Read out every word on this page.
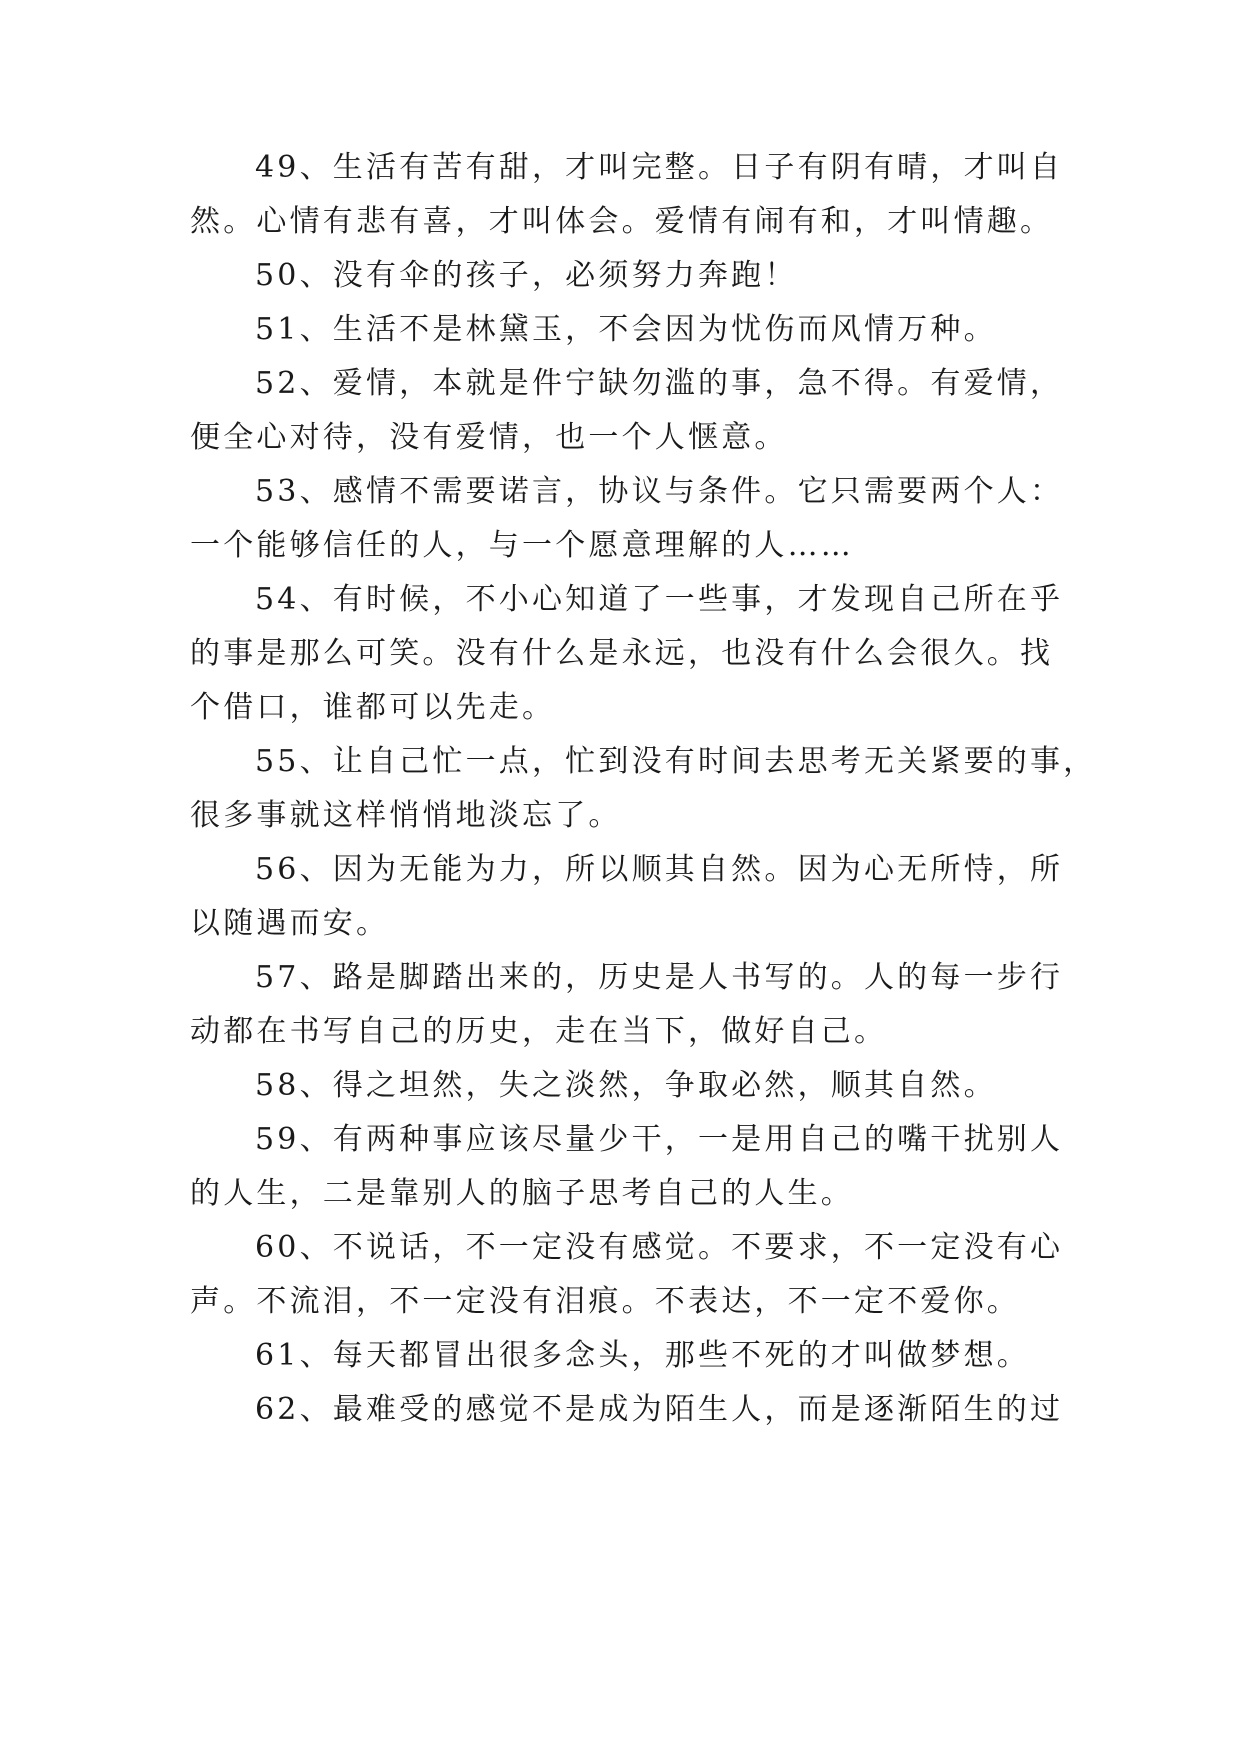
49、生活有苦有甜，才叫完整。日子有阴有晴，才叫自
然。心情有悲有喜，才叫体会。爱情有闹有和，才叫情趣。
50、没有伞的孩子，必须努力奔跑！
51、生活不是林黛玉，不会因为忧伤而风情万种。
52、爱情，本就是件宁缺勿滥的事，急不得。有爱情，
便全心对待，没有爱情，也一个人惬意。
53、感情不需要诺言，协议与条件。它只需要两个人：
一个能够信任的人，与一个愿意理解的人……
54、有时候，不小心知道了一些事，才发现自己所在乎
的事是那么可笑。没有什么是永远，也没有什么会很久。找
个借口，谁都可以先走。
55、让自己忙一点，忙到没有时间去思考无关紧要的事，
很多事就这样悄悄地淡忘了。
56、因为无能为力，所以顺其自然。因为心无所恃，所
以随遇而安。
57、路是脚踏出来的，历史是人书写的。人的每一步行
动都在书写自己的历史，走在当下，做好自己。
58、得之坦然，失之淡然，争取必然，顺其自然。
59、有两种事应该尽量少干，一是用自己的嘴干扰别人
的人生，二是靠别人的脑子思考自己的人生。
60、不说话，不一定没有感觉。不要求，不一定没有心
声。不流泪，不一定没有泪痕。不表达，不一定不爱你。
61、每天都冒出很多念头，那些不死的才叫做梦想。
62、最难受的感觉不是成为陌生人，而是逐渐陌生的过
